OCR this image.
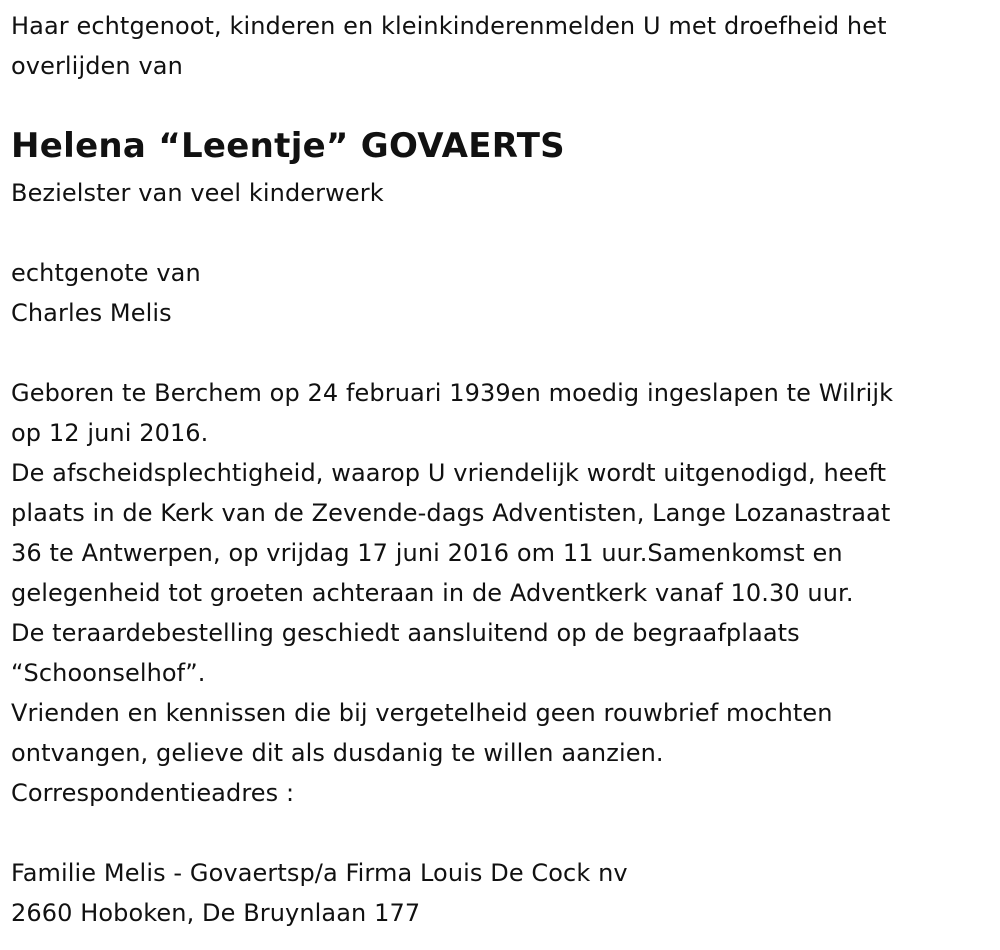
Haar echtgenoot, kinderen en kleinkinderenmelden U met droefheid het
overlijden van
Helena “Leentje” GOVAERTS
Bezielster van veel kinderwerk
echtgenote van
Charles Melis
Geboren te Berchem op 24 februari 1939en moedig ingeslapen te Wilrijk
op 12 juni 2016.
De afscheidsplechtigheid, waarop U vriendelijk wordt uitgenodigd, heeft
plaats in de Kerk van de Zevende-dags Adventisten, Lange Lozanastraat
36 te Antwerpen, op vrijdag 17 juni 2016 om 11 uur.Samenkomst en
gelegenheid tot groeten achteraan in de Adventkerk vanaf 10.30 uur.
De teraardebestelling geschiedt aansluitend op de begraafplaats
“Schoonselhof”.
Vrienden en kennissen die bij vergetelheid geen rouwbrief mochten
ontvangen, gelieve dit als dusdanig te willen aanzien.
Correspondentieadres :
Familie Melis - Govaertsp/a Firma Louis De Cock nv
2660 Hoboken, De Bruynlaan 177
